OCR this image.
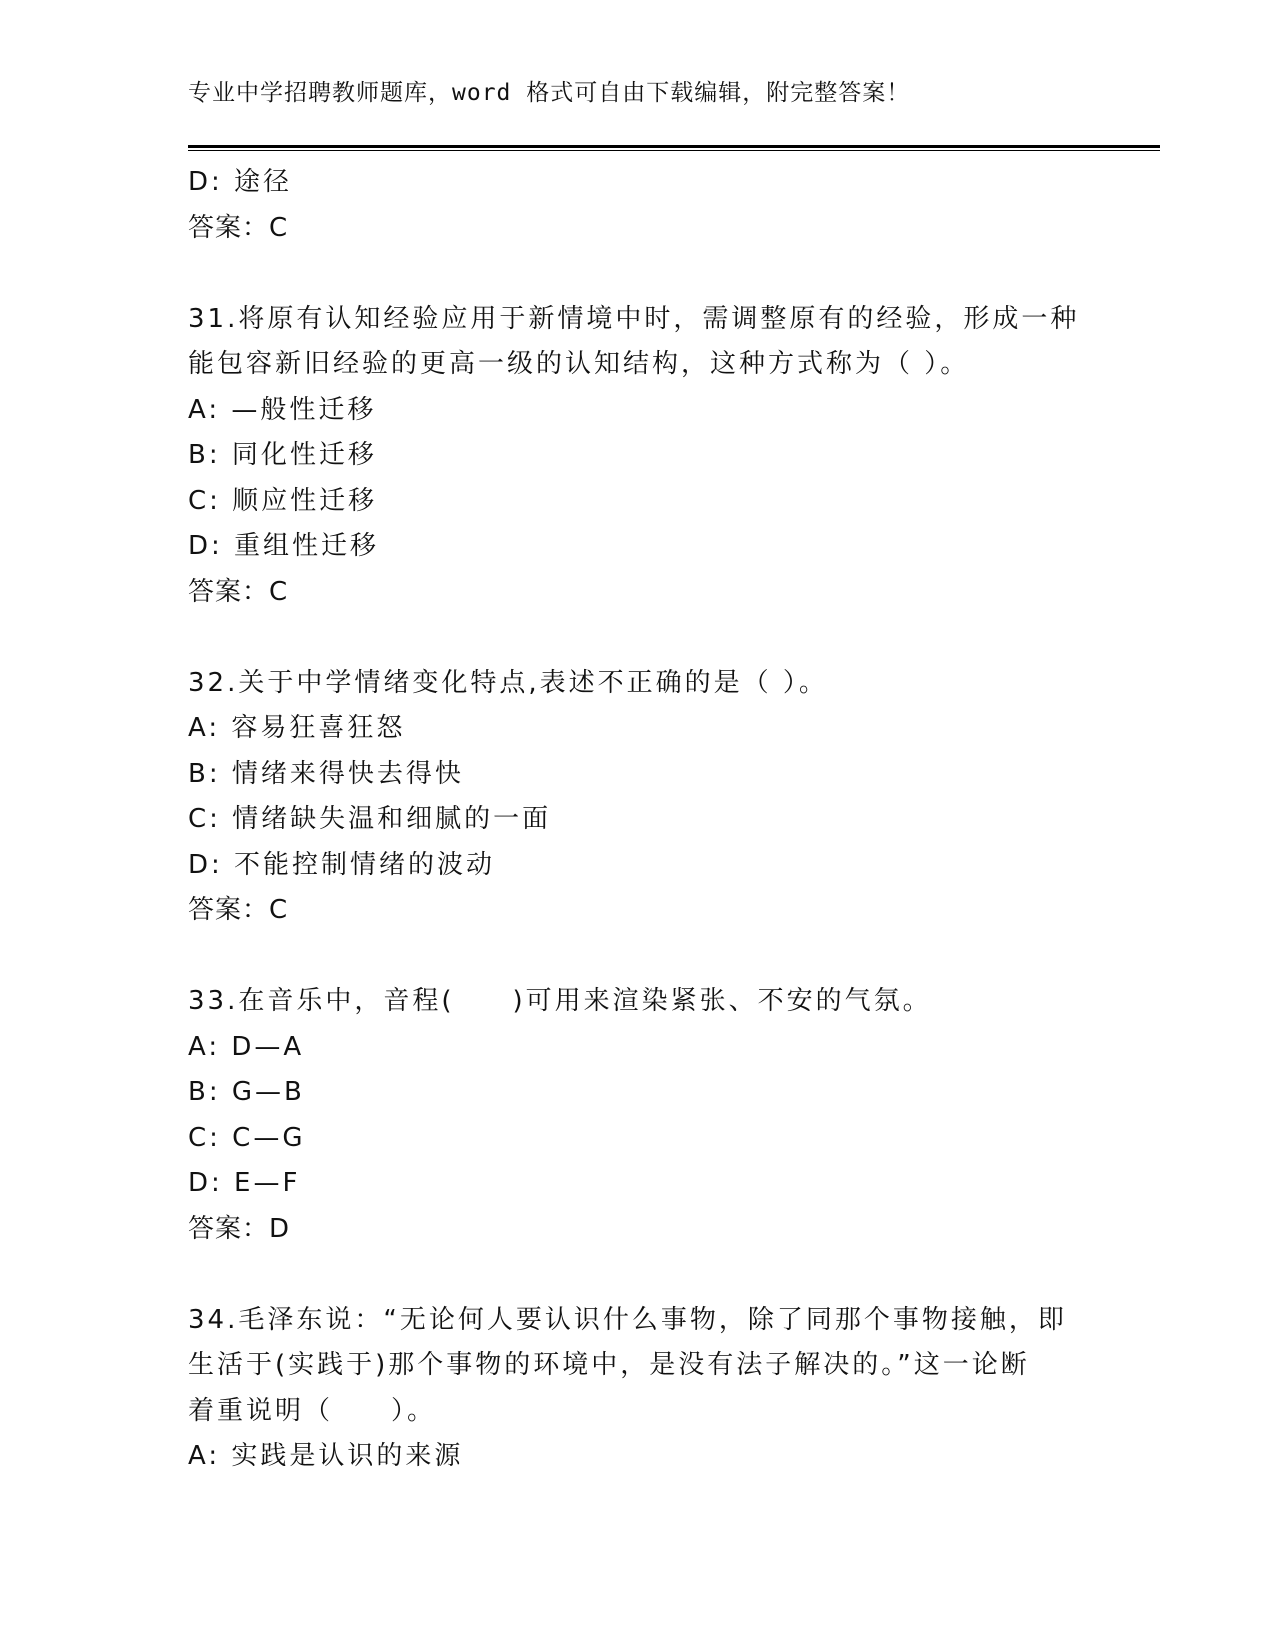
专业中学招聘教师题库，word 格式可自由下载编辑，附完整答案！
D: 途径
答案：C
31.将原有认知经验应用于新情境中时，需调整原有的经验，形成一种
能包容新旧经验的更高一级的认知结构，这种方式称为（ ）。
A: —般性迁移
B: 同化性迁移
C: 顺应性迁移
D: 重组性迁移
答案：C
32.关于中学情绪变化特点,表述不正确的是（ ）。
A: 容易狂喜狂怒
B: 情绪来得快去得快
C: 情绪缺失温和细腻的一面
D: 不能控制情绪的波动
答案：C
33.在音乐中，音程(　　)可用来渲染紧张、不安的气氛。
A: D—A
B: G—B
C: C—G
D: E—F
答案：D
34.毛泽东说：“无论何人要认识什么事物，除了同那个事物接触，即
生活于(实践于)那个事物的环境中，是没有法子解决的。”这一论断
着重说明（　　）。
A: 实践是认识的来源
